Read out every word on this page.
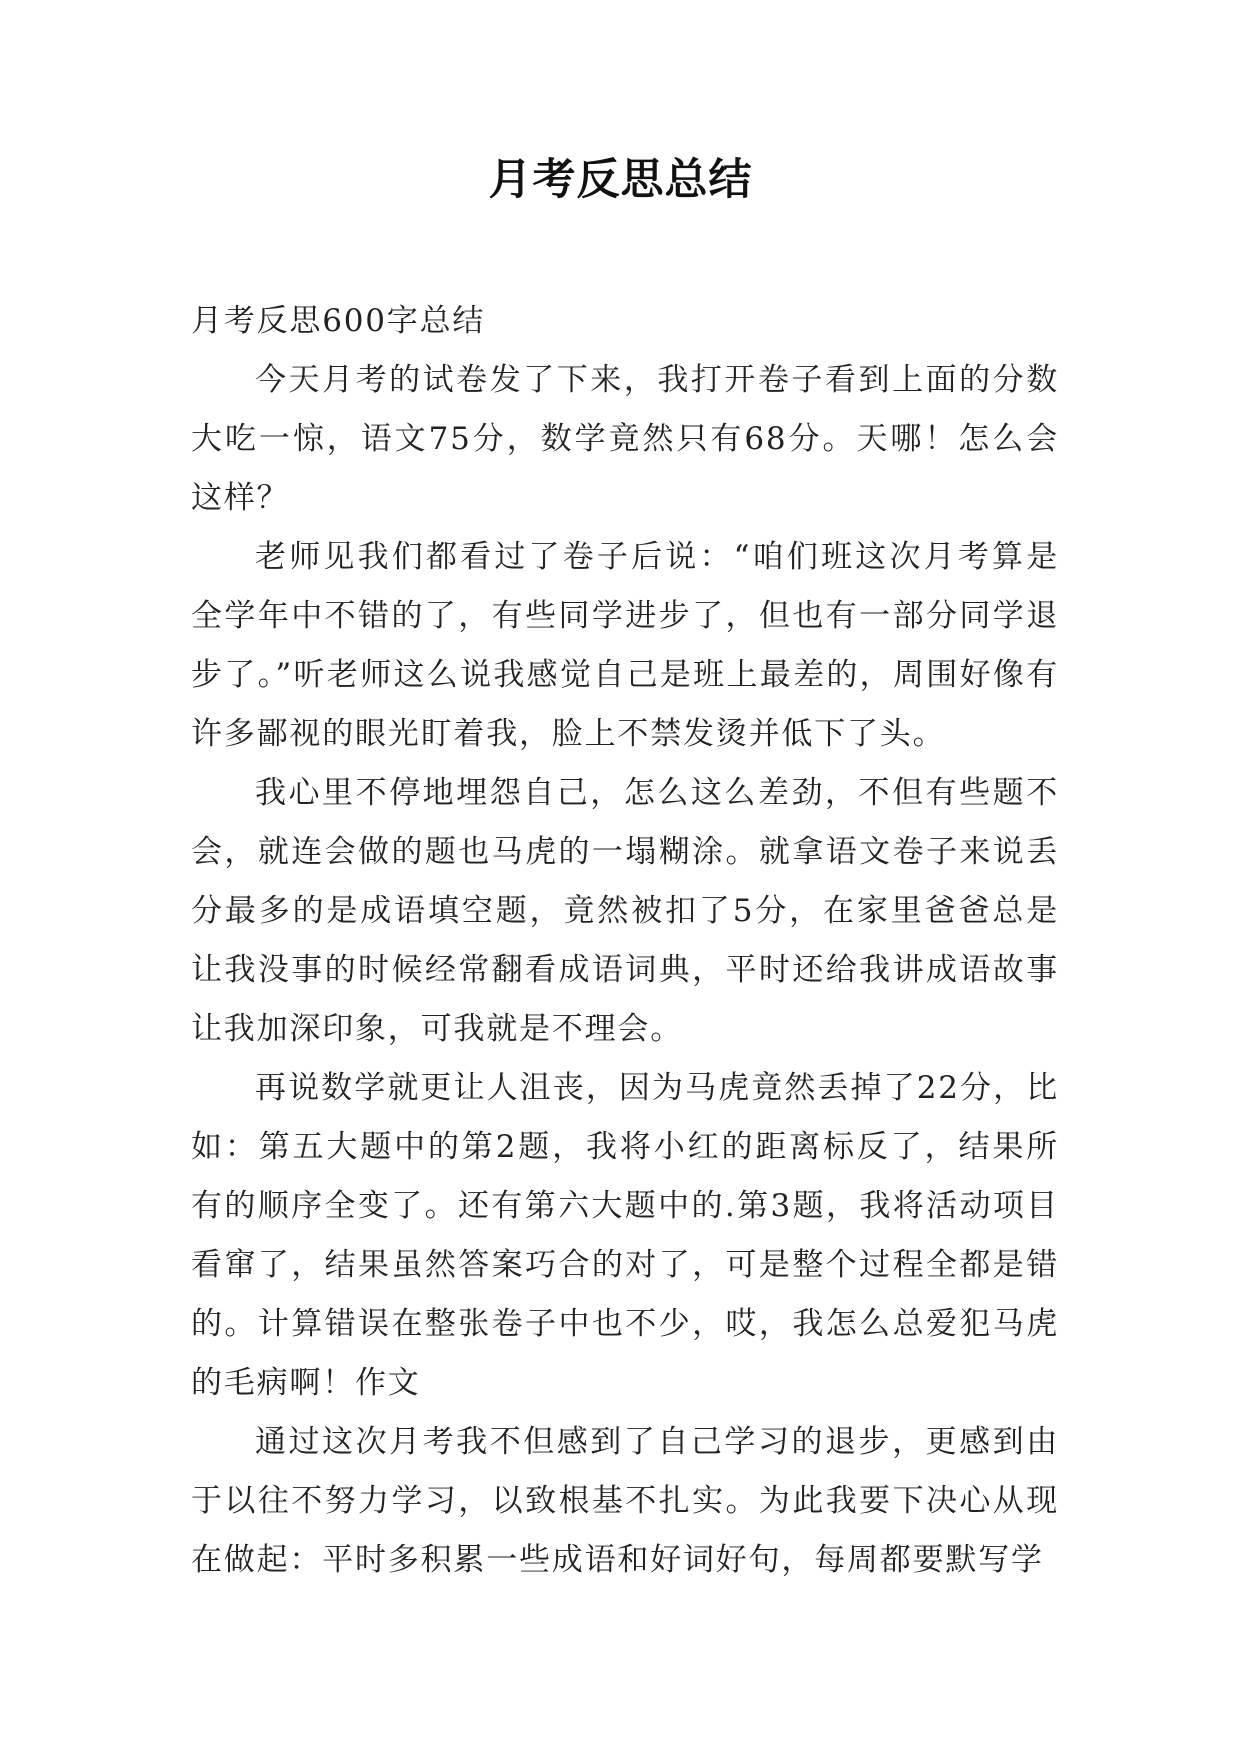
月考反思总结

月考反思600字总结

今天月考的试卷发了下来，我打开卷子看到上面的分数大吃一惊，语文75分，数学竟然只有68分。天哪！怎么会这样？

老师见我们都看过了卷子后说：“咱们班这次月考算是全学年中不错的了，有些同学进步了，但也有一部分同学退步了。”听老师这么说我感觉自己是班上最差的，周围好像有许多鄙视的眼光盯着我，脸上不禁发烫并低下了头。

我心里不停地埋怨自己，怎么这么差劲，不但有些题不会，就连会做的题也马虎的一塌糊涂。就拿语文卷子来说丢分最多的是成语填空题，竟然被扣了5分，在家里爸爸总是让我没事的时候经常翻看成语词典，平时还给我讲成语故事让我加深印象，可我就是不理会。

再说数学就更让人沮丧，因为马虎竟然丢掉了22分，比如：第五大题中的第2题，我将小红的距离标反了，结果所有的顺序全变了。还有第六大题中的.第3题，我将活动项目看窜了，结果虽然答案巧合的对了，可是整个过程全都是错的。计算错误在整张卷子中也不少，哎，我怎么总爱犯马虎的毛病啊！作文

通过这次月考我不但感到了自己学习的退步，更感到由于以往不努力学习，以致根基不扎实。为此我要下决心从现在做起：平时多积累一些成语和好词好句，每周都要默写学
